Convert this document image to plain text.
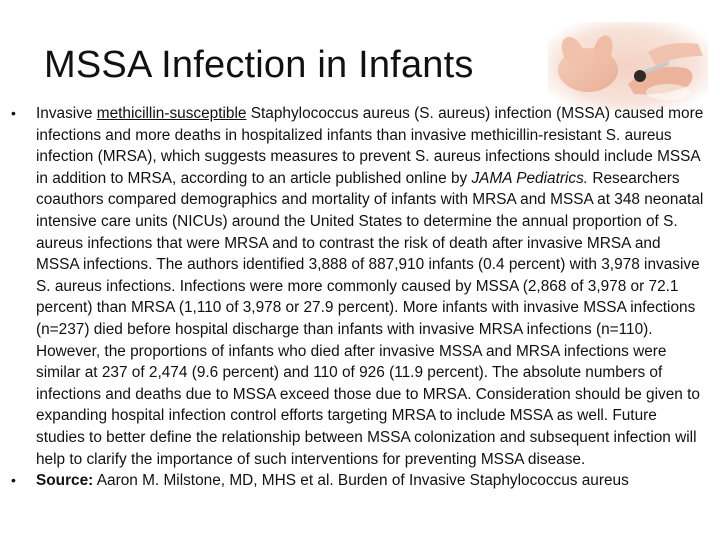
MSSA Infection in Infants
• Invasive methicillin-susceptible Staphylococcus aureus (S. aureus) infection (MSSA) caused more infections and more deaths in hospitalized infants than invasive methicillin-resistant S. aureus infection (MRSA), which suggests measures to prevent S. aureus infections should include MSSA in addition to MRSA, according to an article published online by JAMA Pediatrics. Researchers coauthors compared demographics and mortality of infants with MRSA and MSSA at 348 neonatal intensive care units (NICUs) around the United States to determine the annual proportion of S. aureus infections that were MRSA and to contrast the risk of death after invasive MRSA and MSSA infections. The authors identified 3,888 of 887,910 infants (0.4 percent) with 3,978 invasive S. aureus infections. Infections were more commonly caused by MSSA (2,868 of 3,978 or 72.1 percent) than MRSA (1,110 of 3,978 or 27.9 percent). More infants with invasive MSSA infections (n=237) died before hospital discharge than infants with invasive MRSA infections (n=110). However, the proportions of infants who died after invasive MSSA and MRSA infections were similar at 237 of 2,474 (9.6 percent) and 110 of 926 (11.9 percent). The absolute numbers of infections and deaths due to MSSA exceed those due to MRSA. Consideration should be given to expanding hospital infection control efforts targeting MRSA to include MSSA as well. Future studies to better define the relationship between MSSA colonization and subsequent infection will help to clarify the importance of such interventions for preventing MSSA disease.
• Source: Aaron M. Milstone, MD, MHS et al. Burden of Invasive Staphylococcus aureus
